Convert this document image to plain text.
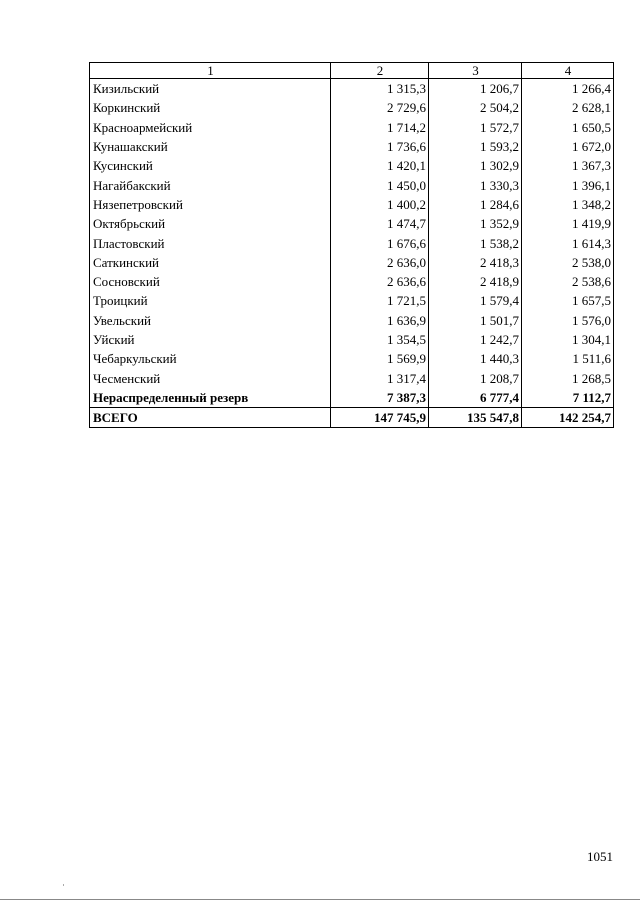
1	2	3	4
Кизильский	1 315,3	1 206,7	1 266,4
Коркинский	2 729,6	2 504,2	2 628,1
Красноармейский	1 714,2	1 572,7	1 650,5
Кунашакский	1 736,6	1 593,2	1 672,0
Кусинский	1 420,1	1 302,9	1 367,3
Нагайбакский	1 450,0	1 330,3	1 396,1
Нязепетровский	1 400,2	1 284,6	1 348,2
Октябрьский	1 474,7	1 352,9	1 419,9
Пластовский	1 676,6	1 538,2	1 614,3
Саткинский	2 636,0	2 418,3	2 538,0
Сосновский	2 636,6	2 418,9	2 538,6
Троицкий	1 721,5	1 579,4	1 657,5
Увельский	1 636,9	1 501,7	1 576,0
Уйский	1 354,5	1 242,7	1 304,1
Чебаркульский	1 569,9	1 440,3	1 511,6
Чесменский	1 317,4	1 208,7	1 268,5
Нераспределенный резерв	7 387,3	6 777,4	7 112,7
ВСЕГО	147 745,9	135 547,8	142 254,7
1051
